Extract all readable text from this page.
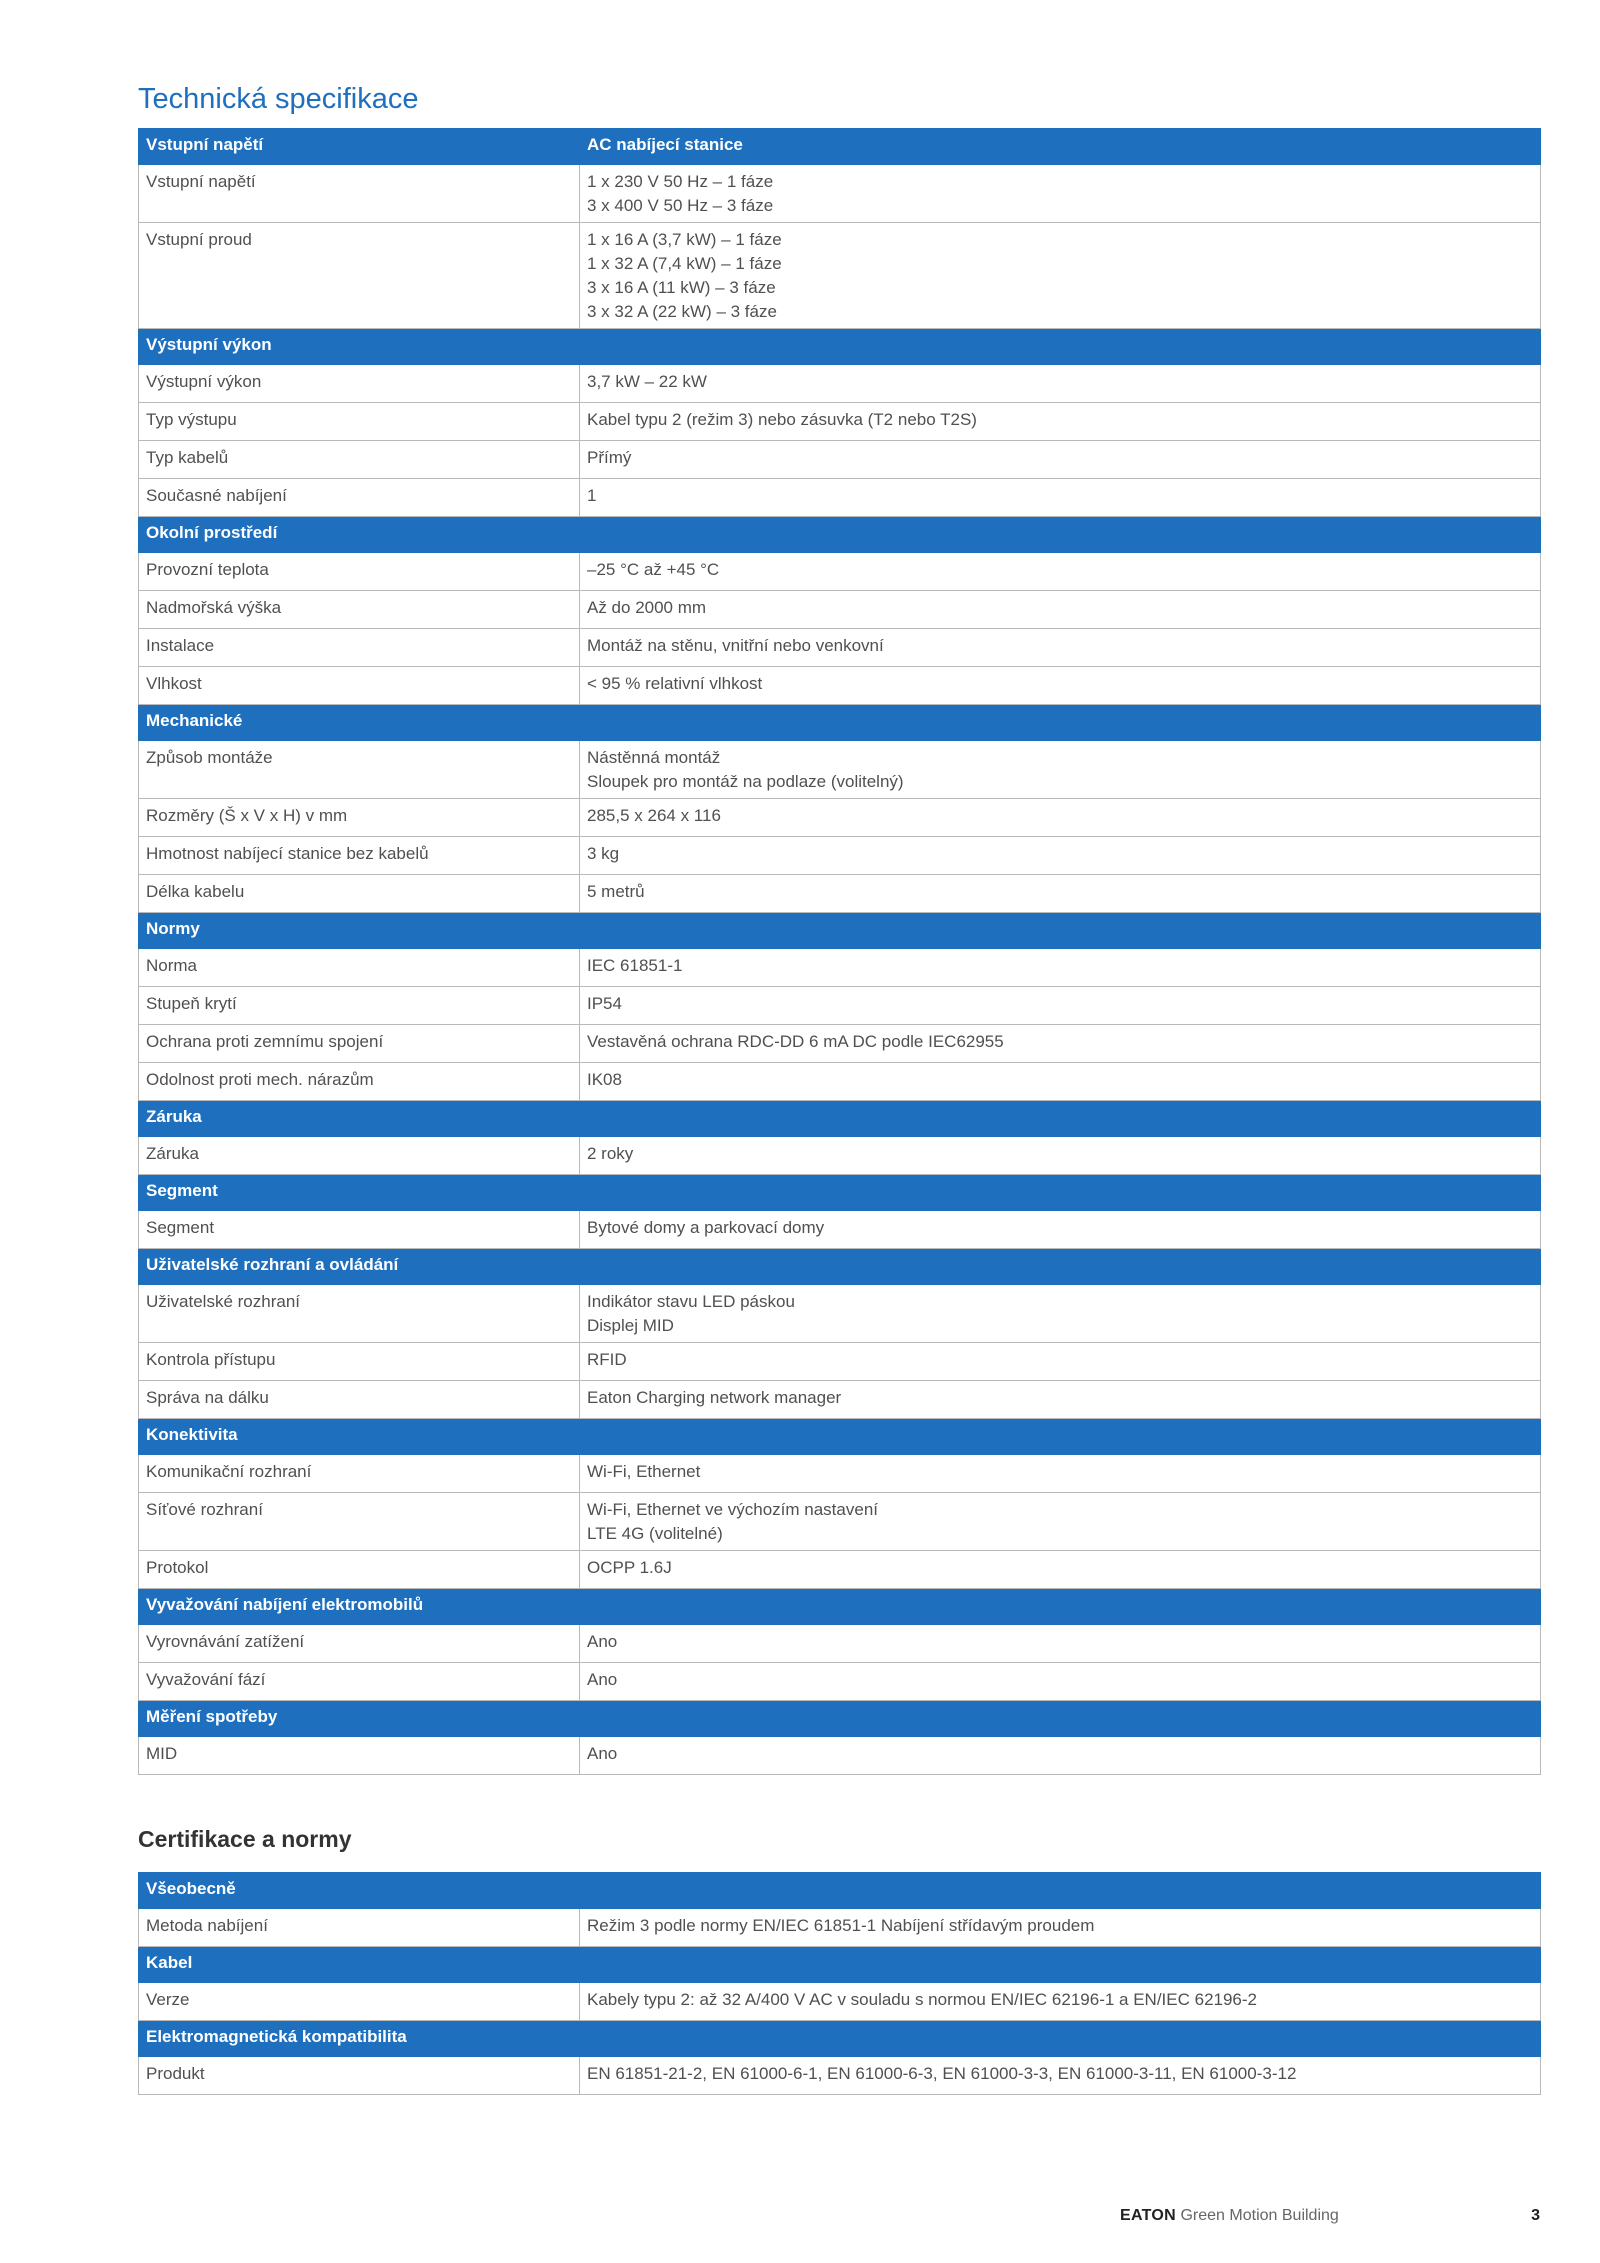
Technická specifikace
Vstupní napětí	AC nabíjecí stanice
Vstupní napětí	1 x 230 V 50 Hz – 1 fáze
3 x 400 V 50 Hz – 3 fáze

Vstupní proud	1 x 16 A (3,7 kW) – 1 fáze
1 x 32 A (7,4 kW) – 1 fáze
3 x 16 A (11 kW) – 3 fáze
3 x 32 A (22 kW) – 3 fáze

Výstupní výkon	
Výstupní výkon	3,7 kW – 22 kW

Typ výstupu	Kabel typu 2 (režim 3) nebo zásuvka (T2 nebo T2S)

Typ kabelů	Přímý

Současné nabíjení	1

Okolní prostředí	
Provozní teplota	–25 °C až +45 °C

Nadmořská výška	Až do 2000 mm

Instalace	Montáž na stěnu, vnitřní nebo venkovní

Vlhkost	< 95 % relativní vlhkost

Mechanické	
Způsob montáže	Nástěnná montáž
Sloupek pro montáž na podlaze (volitelný)

Rozměry (Š x V x H) v mm	285,5 x 264 x 116

Hmotnost nabíjecí stanice bez kabelů	3 kg

Délka kabelu	5 metrů

Normy	
Norma	IEC 61851-1

Stupeň krytí	IP54

Ochrana proti zemnímu spojení	Vestavěná ochrana RDC-DD 6 mA DC podle IEC62955

Odolnost proti mech. nárazům	IK08

Záruka	
Záruka	2 roky

Segment	
Segment	Bytové domy a parkovací domy

Uživatelské rozhraní a ovládání	
Uživatelské rozhraní	Indikátor stavu LED páskou
Displej MID

Kontrola přístupu	RFID

Správa na dálku	Eaton Charging network manager

Konektivita	
Komunikační rozhraní	Wi-Fi, Ethernet

Síťové rozhraní	Wi-Fi, Ethernet ve výchozím nastavení
LTE 4G (volitelné)

Protokol	OCPP 1.6J

Vyvažování nabíjení elektromobilů	
Vyrovnávání zatížení	Ano

Vyvažování fází	Ano

Měření spotřeby	
MID	Ano
Certifikace a normy
Všeobecně	
Metoda nabíjení	Režim 3 podle normy EN/IEC 61851-1 Nabíjení střídavým proudem

Kabel	
Verze	Kabely typu 2: až 32 A/400 V AC v souladu s normou EN/IEC 62196-1 a EN/IEC 62196-2

Elektromagnetická kompatibilita	
Produkt	EN 61851-21-2, EN 61000-6-1, EN 61000-6-3, EN 61000-3-3, EN 61000-3-11, EN 61000-3-12
EATON Green Motion Building	3
